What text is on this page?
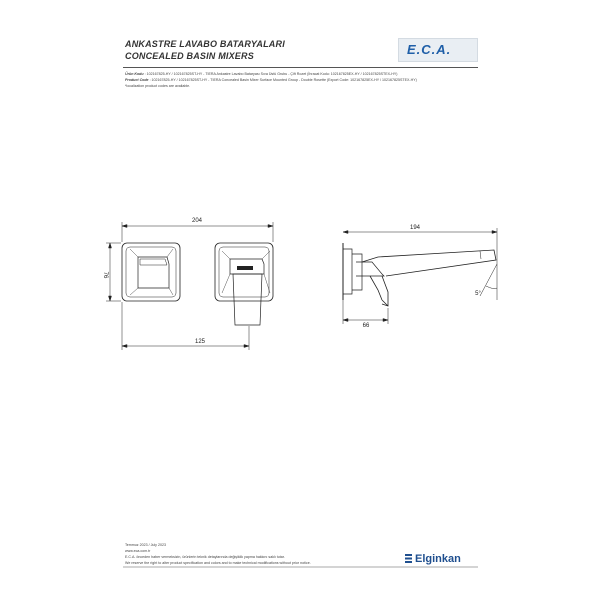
ANKASTRE LAVABO BATARYALARI
CONCEALED BASIN MIXERS	E.C.A.
Ürün Kodu : 102167825-HY / 102167825ST-HY - TIERA Ankastre Lavabo Bataryası Sıva Üstü Grubu - Çift Rozet (İhracat Kodu: 102167825EX-HY / 102167825STEX-HY)
Product Code : 102167825-HY / 102167825ST-HY - TIERA Concealed Basin Mixer Surface Mounted Group - Double Rosette (Export Code: 102167825EX-HY / 102167825STEX-HY)
*localization product codes are available.
204
76
125
194
66
5°
Temmuz 2023 / July 2023
www.eca.com.tr
E.C.A. önceden haber vermeksizin, ürünlerin teknik detaylarında değişiklik yapma hakkını saklı tutar.
We reserve the right to alter product specification and colors and to make technical modifications without prior notice.	Elginkan
